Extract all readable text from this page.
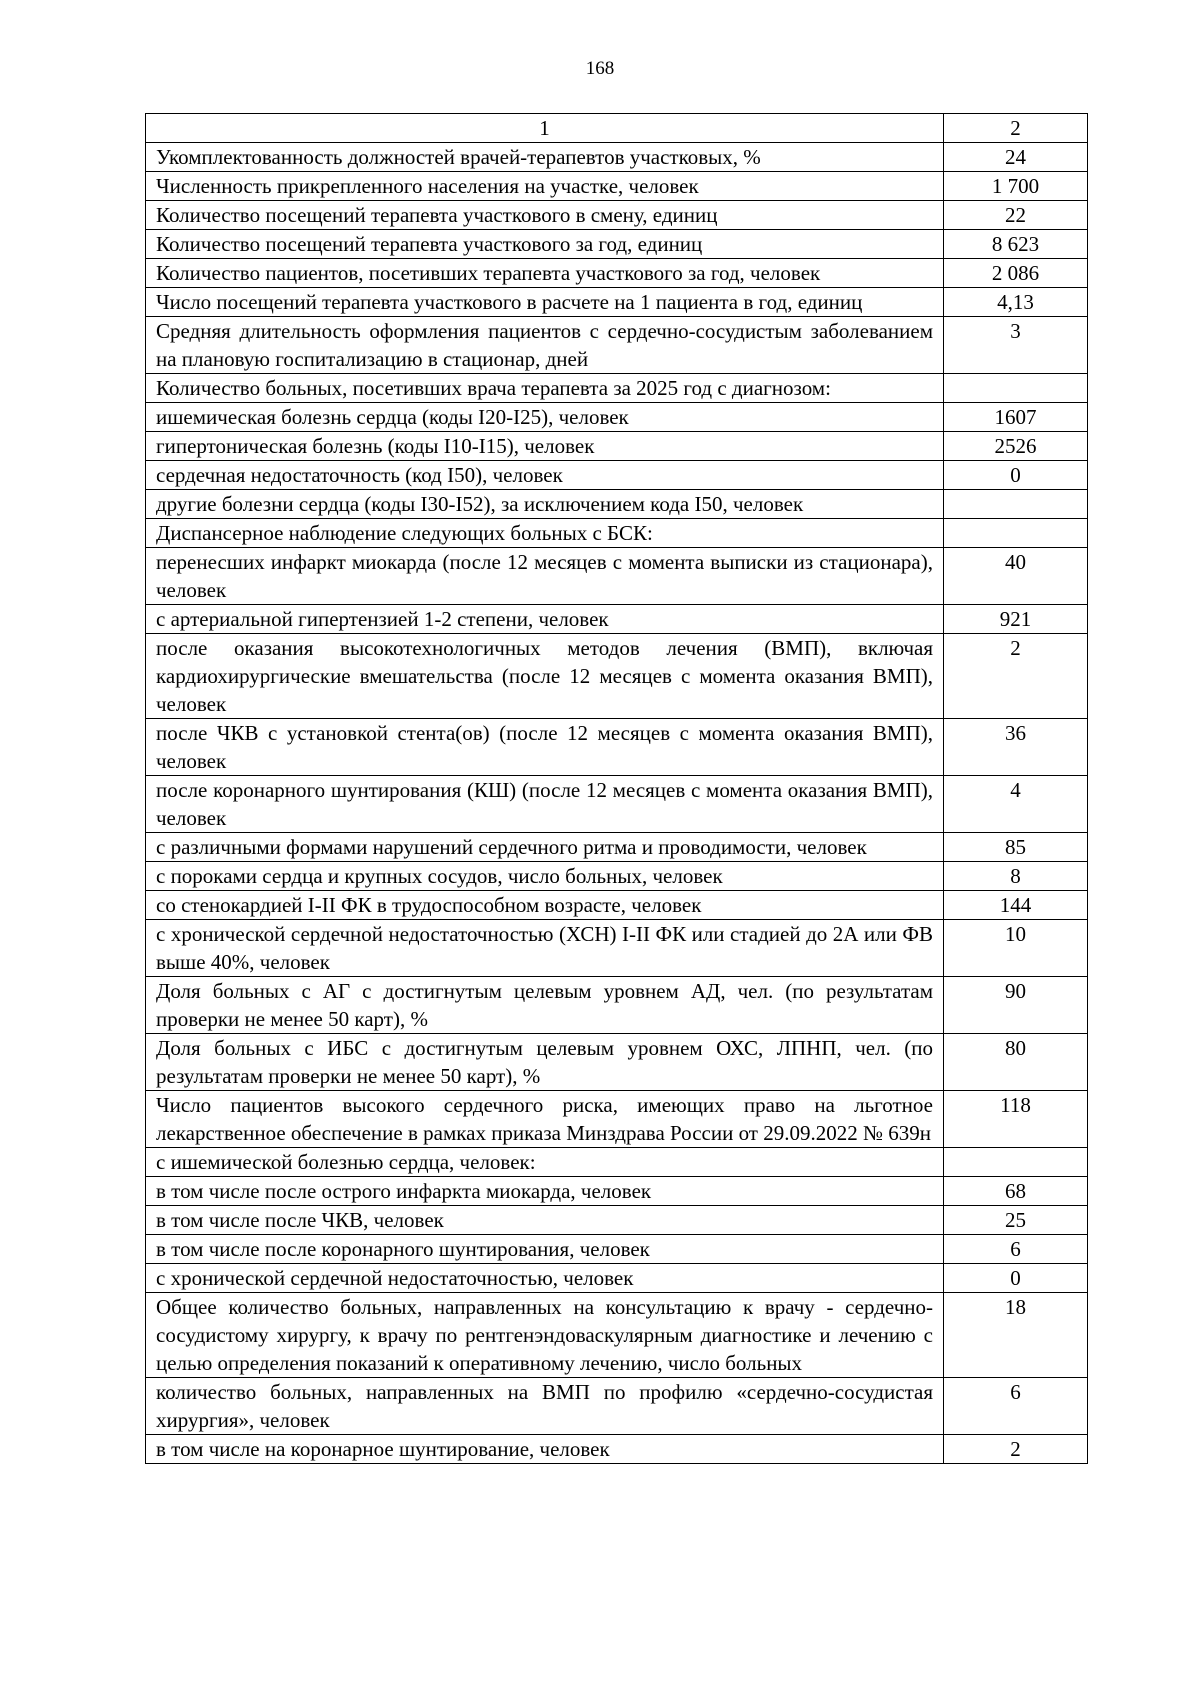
168
1	2
Укомплектованность должностей врачей-терапевтов участковых, %	24
Численность прикрепленного населения на участке, человек	1 700
Количество посещений терапевта участкового в смену, единиц	22
Количество посещений терапевта участкового за год, единиц	8 623
Количество пациентов, посетивших терапевта участкового за год, человек	2 086
Число посещений терапевта участкового в расчете на 1 пациента в год, единиц	4,13
Средняя длительность оформления пациентов с сердечно-сосудистым заболеванием на плановую госпитализацию в стационар, дней	3
Количество больных, посетивших врача терапевта за 2025 год с диагнозом:	
ишемическая болезнь сердца (коды I20-I25), человек	1607
гипертоническая болезнь (коды I10-I15), человек	2526
сердечная недостаточность (код I50), человек	0
другие болезни сердца (коды I30-I52), за исключением кода I50, человек	
Диспансерное наблюдение следующих больных с БСК:	
перенесших инфаркт миокарда (после 12 месяцев с момента выписки из стационара), человек	40
с артериальной гипертензией 1-2 степени, человек	921
после оказания высокотехнологичных методов лечения (ВМП), включая кардиохирургические вмешательства (после 12 месяцев с момента оказания ВМП), человек	2
после ЧКВ с установкой стента(ов) (после 12 месяцев с момента оказания ВМП), человек	36
после коронарного шунтирования (КШ) (после 12 месяцев с момента оказания ВМП), человек	4
с различными формами нарушений сердечного ритма и проводимости, человек	85
с пороками сердца и крупных сосудов, число больных, человек	8
со стенокардией I-II ФК в трудоспособном возрасте, человек	144
с хронической сердечной недостаточностью (ХСН) I-II ФК или стадией до 2А или ФВ выше 40%, человек	10
Доля больных с АГ с достигнутым целевым уровнем АД, чел. (по результатам проверки не менее 50 карт), %	90
Доля больных с ИБС с достигнутым целевым уровнем ОХС, ЛПНП, чел. (по результатам проверки не менее 50 карт), %	80
Число пациентов высокого сердечного риска, имеющих право на льготное лекарственное обеспечение в рамках приказа Минздрава России от 29.09.2022 № 639н	118
с ишемической болезнью сердца, человек:	
в том числе после острого инфаркта миокарда, человек	68
в том числе после ЧКВ, человек	25
в том числе после коронарного шунтирования, человек	6
с хронической сердечной недостаточностью, человек	0
Общее количество больных, направленных на консультацию к врачу - сердечно-сосудистому хирургу, к врачу по рентгенэндоваскулярным диагностике и лечению с целью определения показаний к оперативному лечению, число больных	18
количество больных, направленных на ВМП по профилю «сердечно-сосудистая хирургия», человек	6
в том числе на коронарное шунтирование, человек	2
